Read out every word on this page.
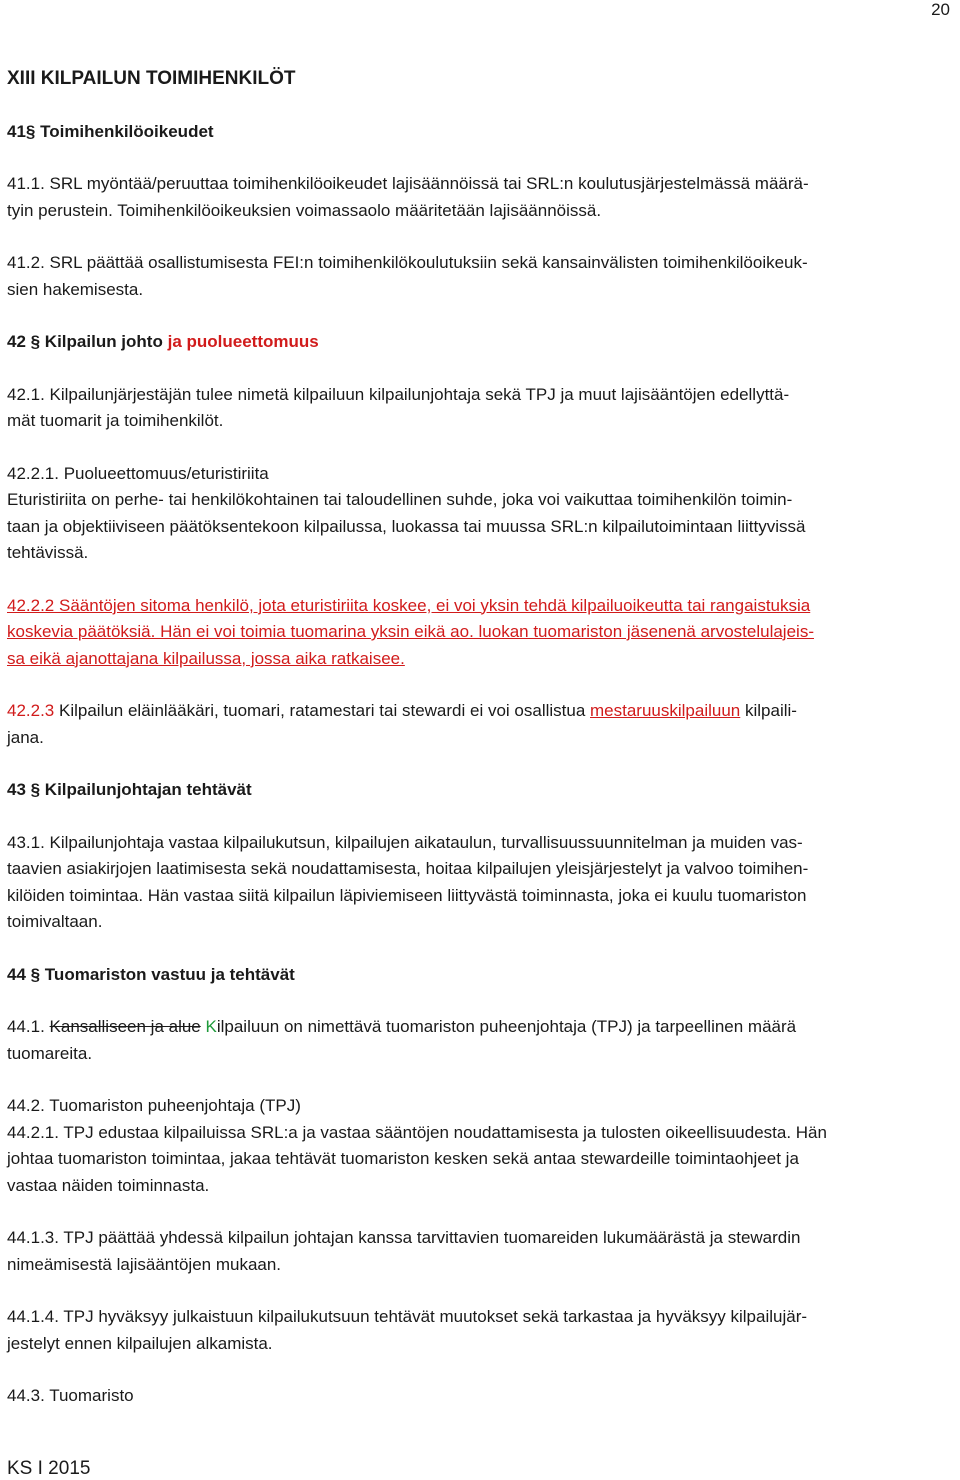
20

XIII KILPAILUN TOIMIHENKILÖT

41§ Toimihenkilöoikeudet

41.1. SRL myöntää/peruuttaa toimihenkilöoikeudet lajisäännöissä tai SRL:n koulutusjärjestelmässä määrä-
tyin perustein. Toimihenkilöoikeuksien voimassaolo määritetään lajisäännöissä.

41.2. SRL päättää osallistumisesta FEI:n toimihenkilökoulutuksiin sekä kansainvälisten toimihenkilöoikeuk-
sien hakemisesta.

42 § Kilpailun johto ja puolueettomuus

42.1. Kilpailunjärjestäjän tulee nimetä kilpailuun kilpailunjohtaja sekä TPJ ja muut lajisääntöjen edellyttä-
mät tuomarit ja toimihenkilöt.

42.2.1. Puolueettomuus/eturistiriita
Eturistiriita on perhe- tai henkilökohtainen tai taloudellinen suhde, joka voi vaikuttaa toimihenkilön toimin-
taan ja objektiiviseen päätöksentekoon kilpailussa, luokassa tai muussa SRL:n kilpailutoimintaan liittyvissä
tehtävissä.

42.2.2 Sääntöjen sitoma henkilö, jota eturistiriita koskee, ei voi yksin tehdä kilpailuoikeutta tai rangaistuksia
koskevia päätöksiä. Hän ei voi toimia tuomarina yksin eikä ao. luokan tuomariston jäsenenä arvostelulajeis-
sa eikä ajanottajana kilpailussa, jossa aika ratkaisee.

42.2.3 Kilpailun eläinlääkäri, tuomari, ratamestari tai stewardi ei voi osallistua mestaruuskilpailuun kilpaili-
jana.

43 § Kilpailunjohtajan tehtävät

43.1. Kilpailunjohtaja vastaa kilpailukutsun, kilpailujen aikataulun, turvallisuussuunnitelman ja muiden vas-
taavien asiakirjojen laatimisesta sekä noudattamisesta, hoitaa kilpailujen yleisjärjestelyt ja valvoo toimihen-
kilöiden toimintaa. Hän vastaa siitä kilpailun läpiviemiseen liittyvästä toiminnasta, joka ei kuulu tuomariston
toimivaltaan.

44 § Tuomariston vastuu ja tehtävät

44.1. Kansalliseen ja alue Kilpailuun on nimettävä tuomariston puheenjohtaja (TPJ) ja tarpeellinen määrä
tuomareita.

44.2. Tuomariston puheenjohtaja (TPJ)
44.2.1. TPJ edustaa kilpailuissa SRL:a ja vastaa sääntöjen noudattamisesta ja tulosten oikeellisuudesta. Hän
johtaa tuomariston toimintaa, jakaa tehtävät tuomariston kesken sekä antaa stewardeille toimintaohjeet ja
vastaa näiden toiminnasta.

44.1.3. TPJ päättää yhdessä kilpailun johtajan kanssa tarvittavien tuomareiden lukumäärästä ja stewardin
nimeämisestä lajisääntöjen mukaan.

44.1.4. TPJ hyväksyy julkaistuun kilpailukutsuun tehtävät muutokset sekä tarkastaa ja hyväksyy kilpailujär-
jestelyt ennen kilpailujen alkamista.

44.3. Tuomaristo

KS I 2015
